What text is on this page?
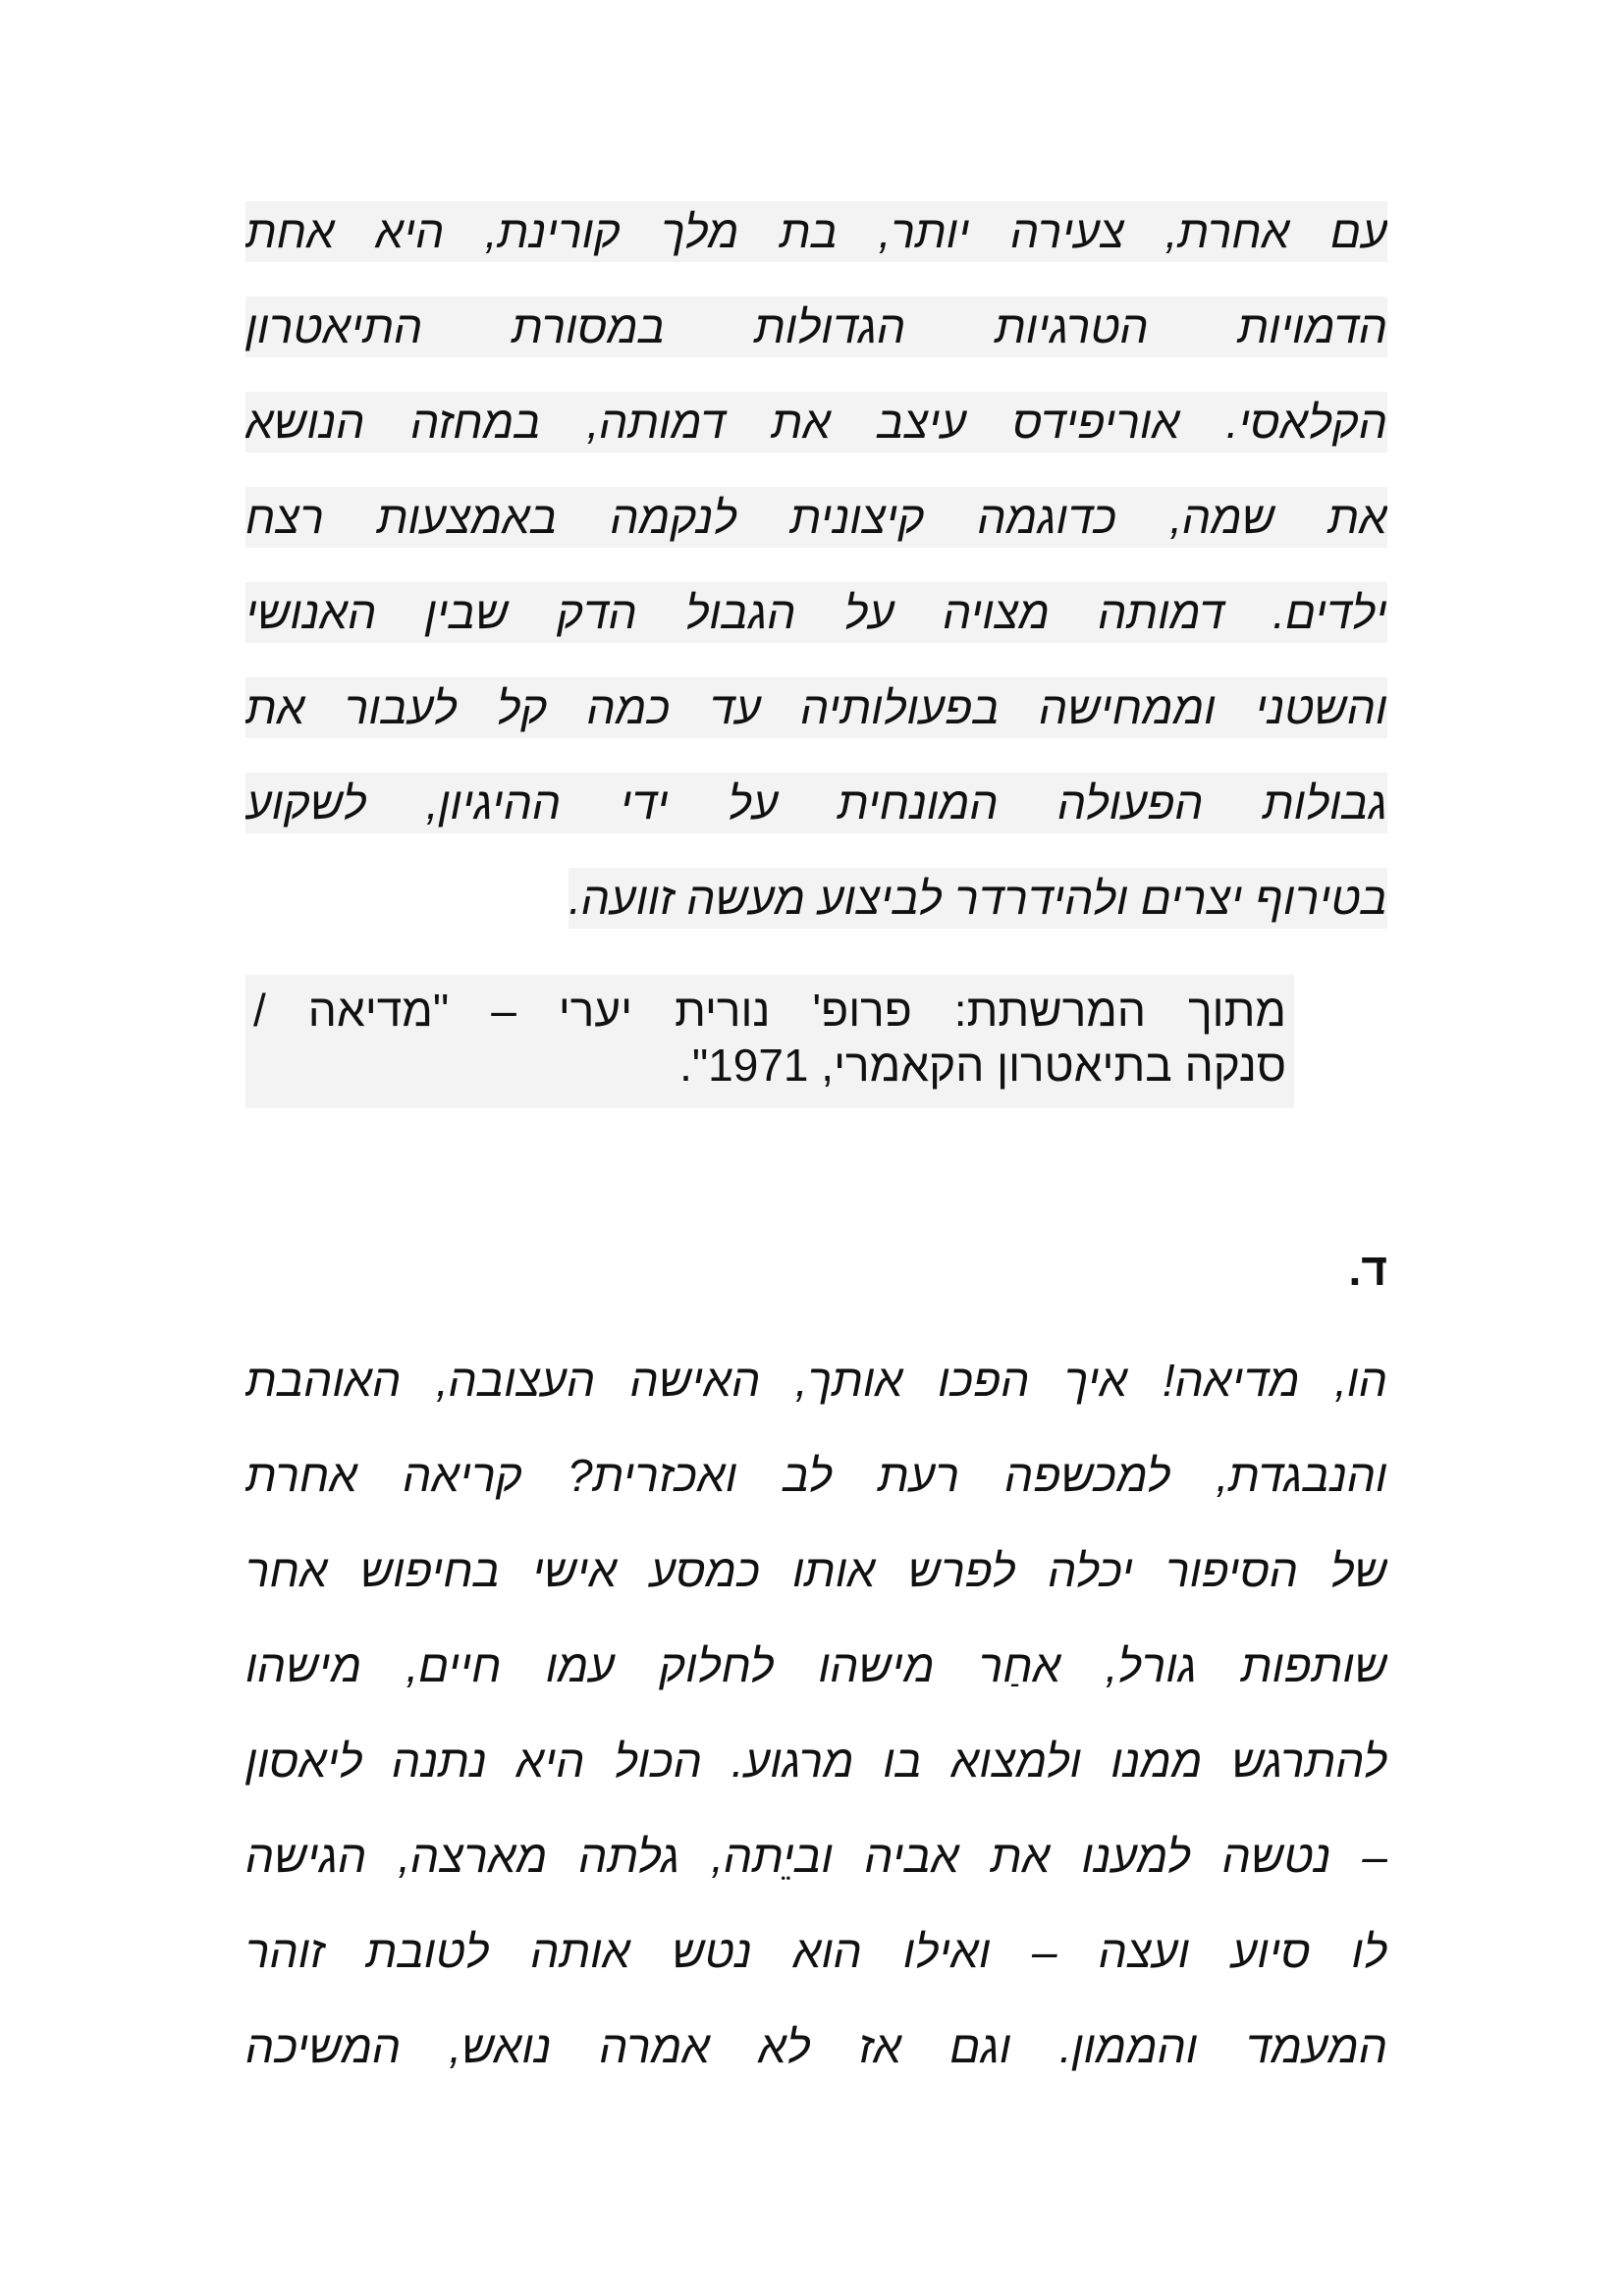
עם אחרת, צעירה יותר, בת מלך קורינת, היא אחת
הדמויות הטרגיות הגדולות במסורת התיאטרון
הקלאסי. אוריפידס עיצב את דמותה, במחזה הנושא
את שמה, כדוגמה קיצונית לנקמה באמצעות רצח
ילדים. דמותה מצויה על הגבול הדק שבין האנושי
והשטני וממחישה בפעולותיה עד כמה קל לעבור את
גבולות הפעולה המונחית על ידי ההיגיון, לשקוע
בטירוף יצרים ולהידרדר לביצוע מעשה זוועה.
מתוך המרשתת: פרופ' נורית יערי – "מדיאה /
סנקה בתיאטרון הקאמרי, 1971".
ד.
הו, מדיאה! איך הפכו אותך, האישה העצובה, האוהבת
והנבגדת, למכשפה רעת לב ואכזרית? קריאה אחרת
של הסיפור יכלה לפרש אותו כמסע אישי בחיפוש אחר
שותפות גורל, אחַר מישהו לחלוק עמו חיים, מישהו
להתרגש ממנו ולמצוא בו מרגוע. הכול היא נתנה ליאסון
– נטשה למענו את אביה וביֵתה, גלתה מארצה, הגישה
לו סיוע ועצה – ואילו הוא נטש אותה לטובת זוהר
המעמד והממון. וגם אז לא אמרה נואש, המשיכה
